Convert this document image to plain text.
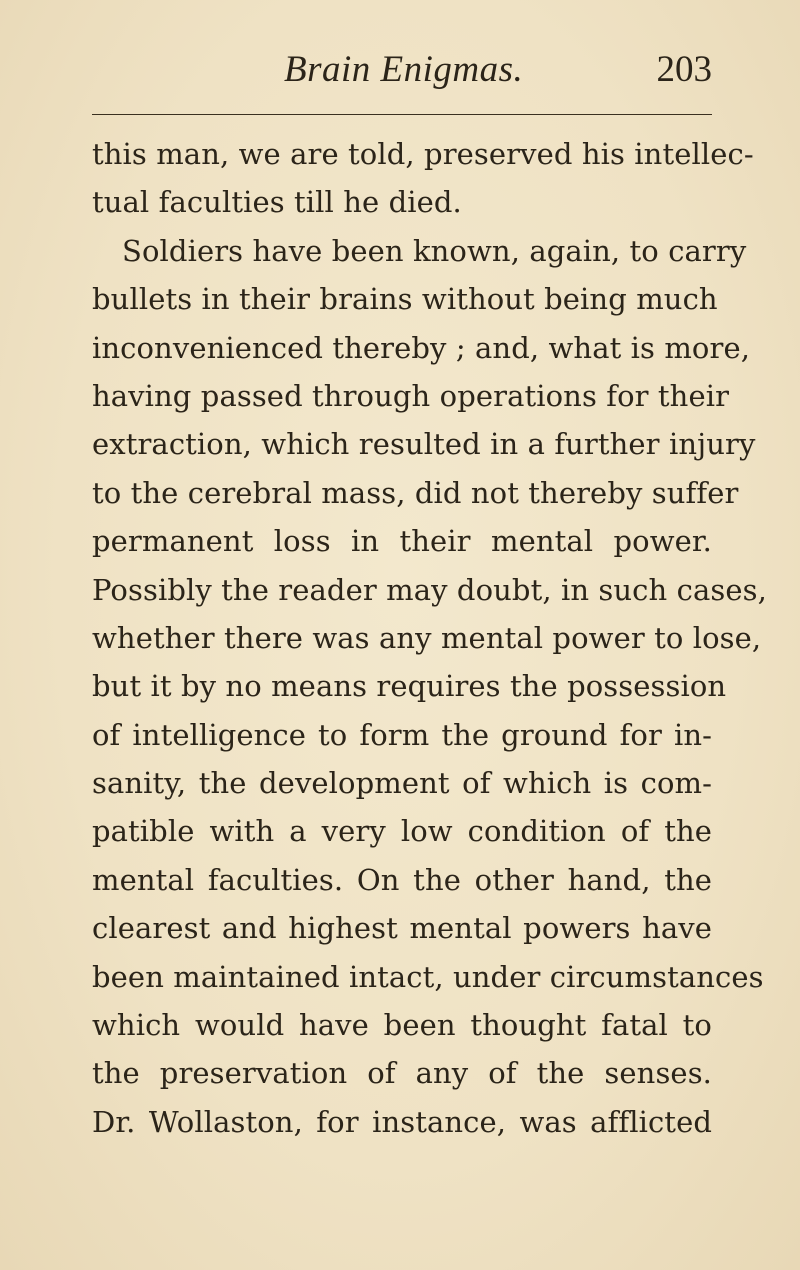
Brain Enigmas.	203
this man, we are told, preserved his intellec-
tual faculties till he died.
Soldiers have been known, again, to carry
bullets in their brains without being much
inconvenienced thereby ; and, what is more,
having passed through operations for their
extraction, which resulted in a further injury
to the cerebral mass, did not thereby suffer
permanent loss in their mental power.
Possibly the reader may doubt, in such cases,
whether there was any mental power to lose,
but it by no means requires the possession
of intelligence to form the ground for in-
sanity, the development of which is com-
patible with a very low condition of the
mental faculties. On the other hand, the
clearest and highest mental powers have
been maintained intact, under circumstances
which would have been thought fatal to
the preservation of any of the senses.
Dr. Wollaston, for instance, was afflicted
